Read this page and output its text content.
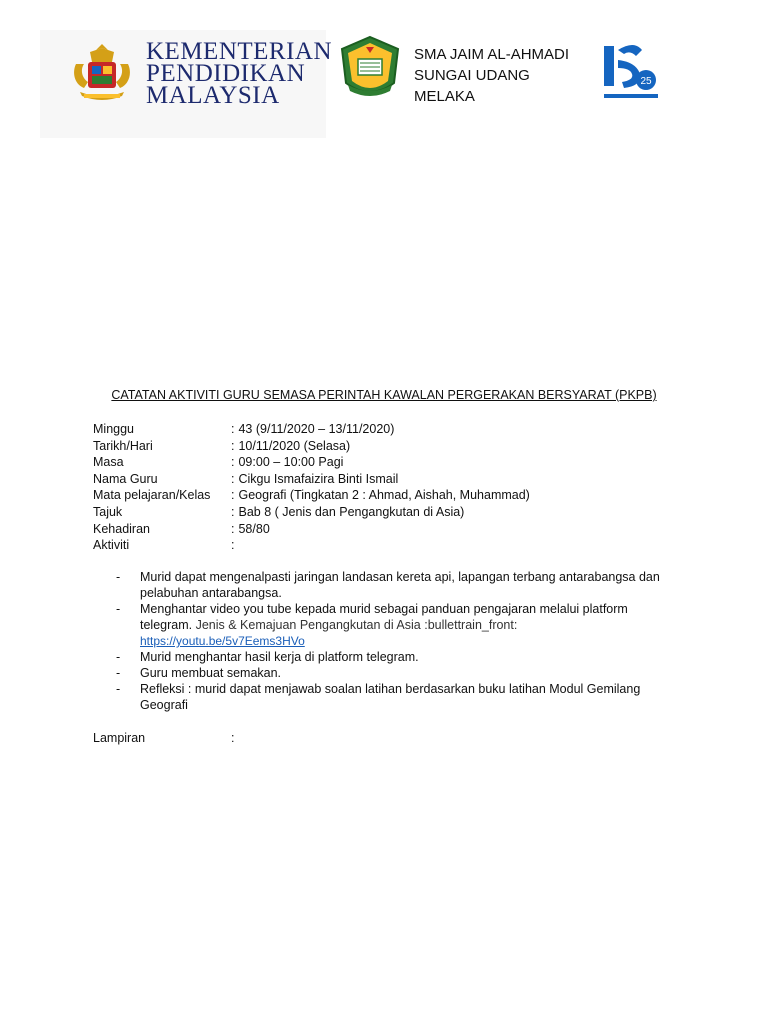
KEMENTERIAN
PENDIDIKAN
MALAYSIA
SMA JAIM AL-AHMADI
SUNGAI UDANG
MELAKA
25
CATATAN AKTIVITI GURU SEMASA PERINTAH KAWALAN PERGERAKAN BERSYARAT (PKPB)
Minggu	: 43 (9/11/2020 – 13/11/2020)
Tarikh/Hari	: 10/11/2020 (Selasa)
Masa	: 09:00 – 10:00 Pagi
Nama Guru	: Cikgu Ismafaizira Binti Ismail
Mata pelajaran/Kelas : Geografi (Tingkatan 2 : Ahmad, Aishah, Muhammad)
Tajuk	: Bab 8 ( Jenis dan Pengangkutan di Asia)
Kehadiran	: 58/80
Aktiviti	:
- Murid dapat mengenalpasti jaringan landasan kereta api, lapangan terbang antarabangsa dan pelabuhan antarabangsa.
- Menghantar video you tube kepada murid sebagai panduan pengajaran melalui platform telegram. Jenis & Kemajuan Pengangkutan di Asia :bullettrain_front:
https://youtu.be/5v7Eems3HVo
- Murid menghantar hasil kerja di platform telegram.
- Guru membuat semakan.
- Refleksi : murid dapat menjawab soalan latihan berdasarkan buku latihan Modul Gemilang Geografi
Lampiran	:
